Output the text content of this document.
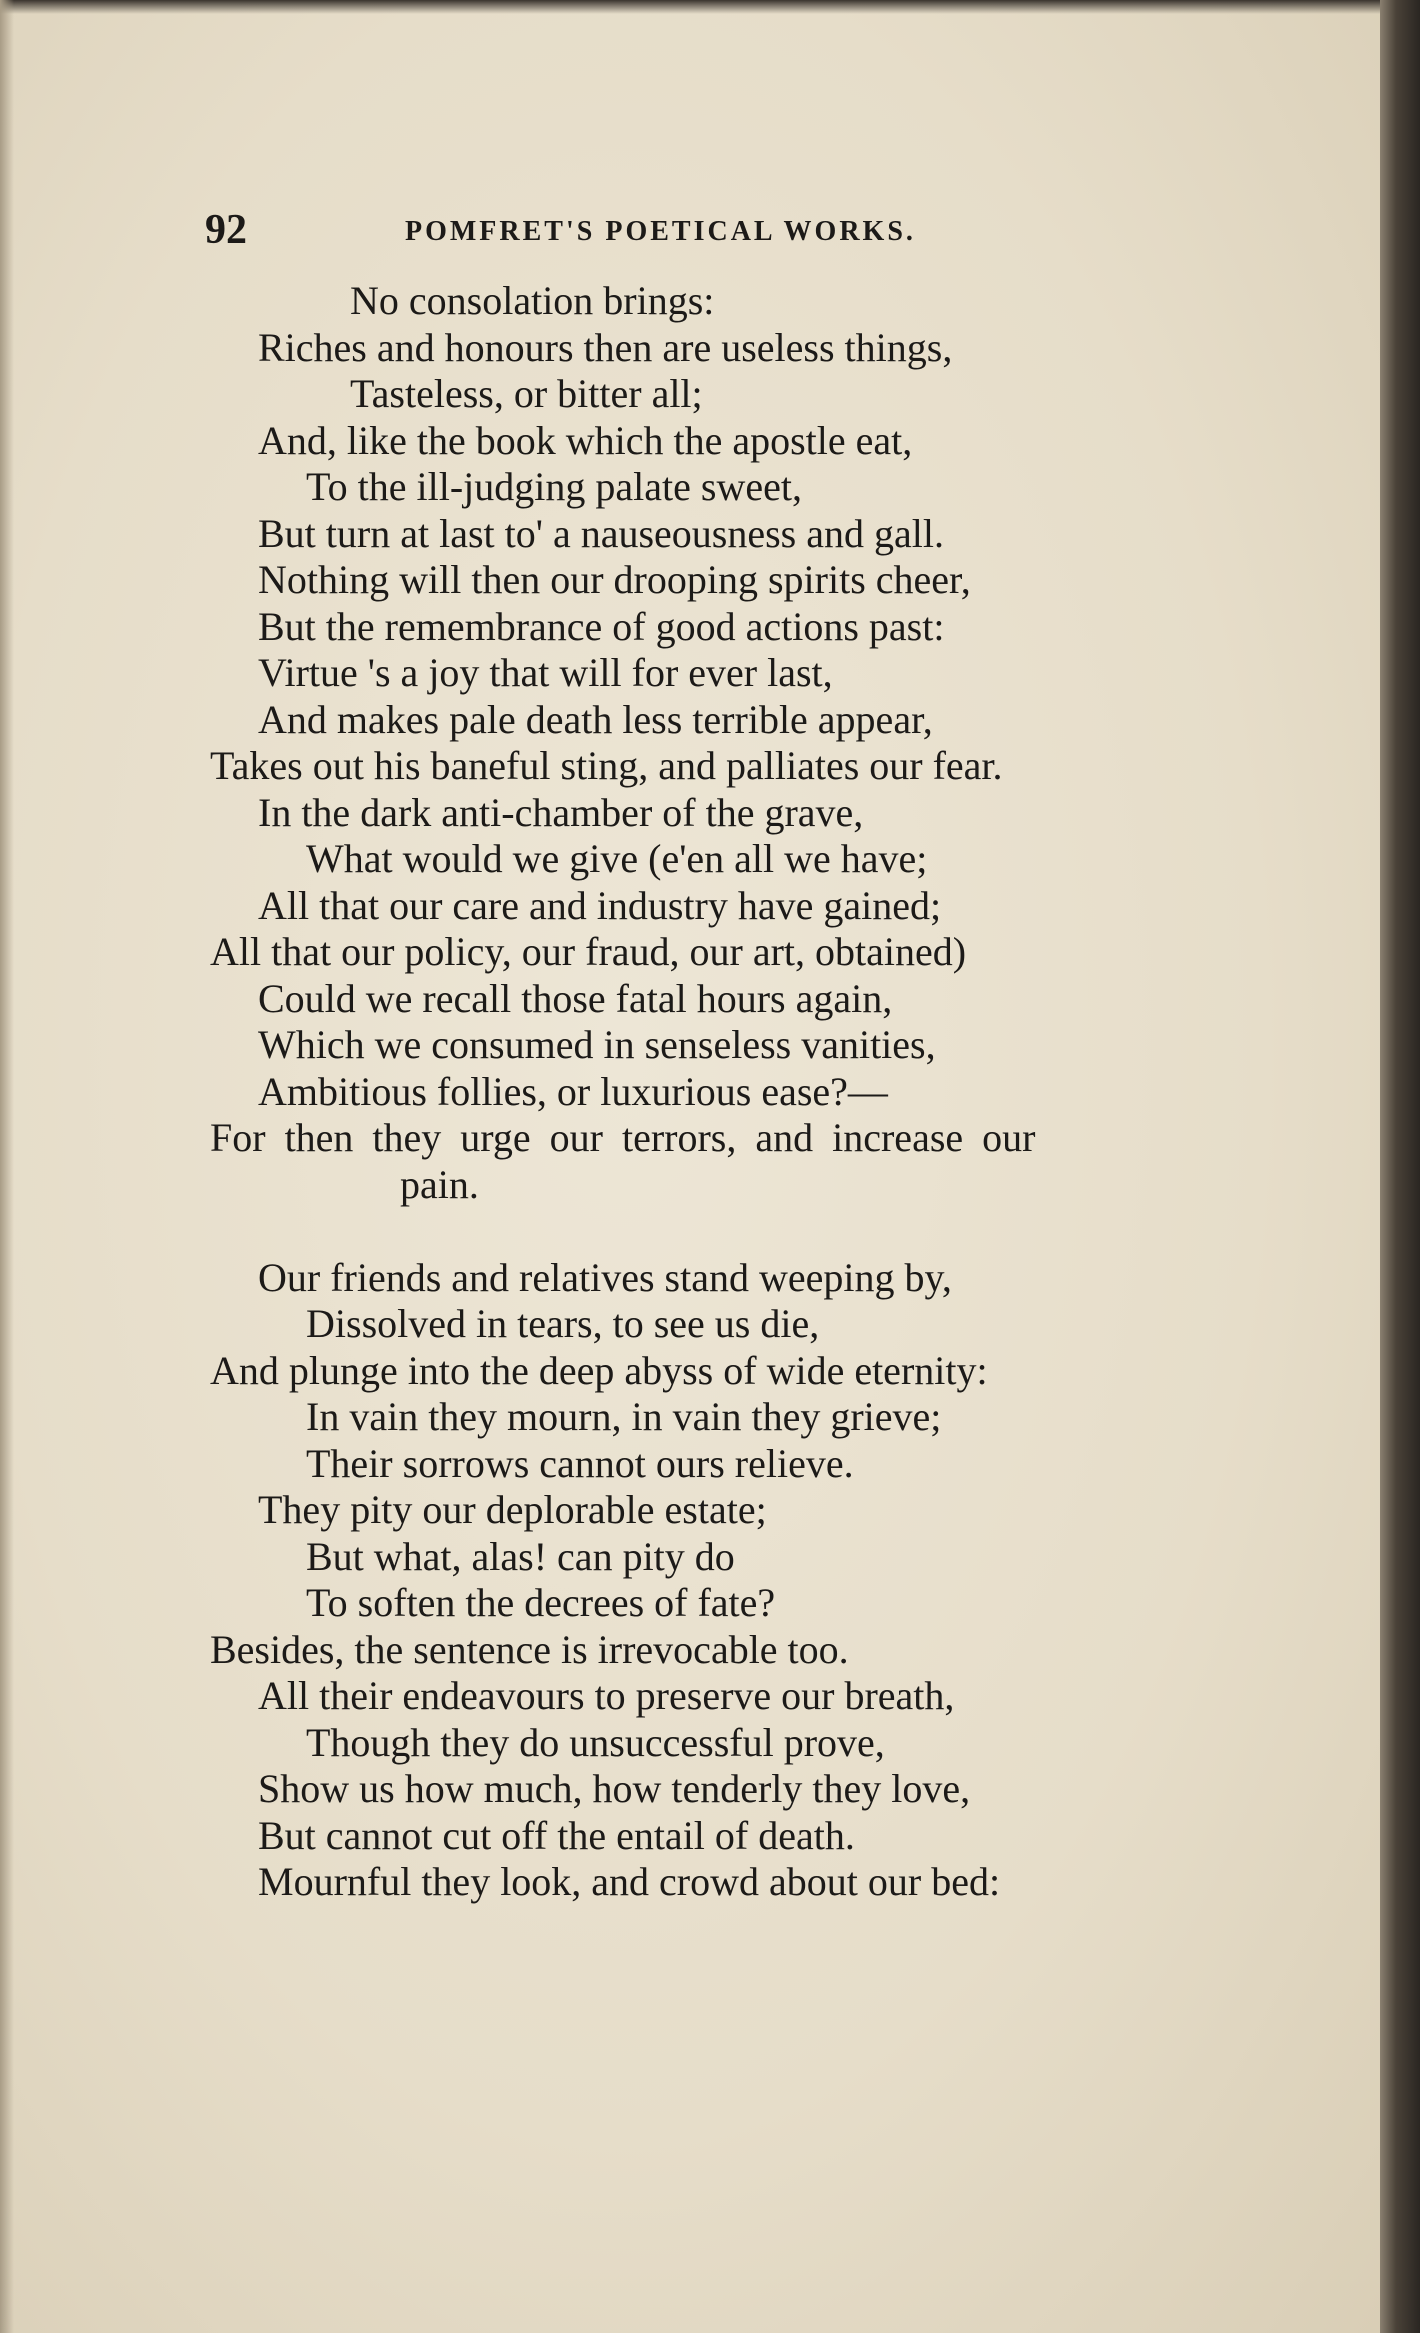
92	POMFRET'S POETICAL WORKS.
No consolation brings:
Riches and honours then are useless things,
Tasteless, or bitter all;
And, like the book which the apostle eat,
To the ill-judging palate sweet,
But turn at last to' a nauseousness and gall.
Nothing will then our drooping spirits cheer,
But the remembrance of good actions past:
Virtue 's a joy that will for ever last,
And makes pale death less terrible appear,
Takes out his baneful sting, and palliates our fear.
In the dark anti-chamber of the grave,
What would we give (e'en all we have;
All that our care and industry have gained;
All that our policy, our fraud, our art, obtained)
Could we recall those fatal hours again,
Which we consumed in senseless vanities,
Ambitious follies, or luxurious ease?—
For then they urge our terrors, and increase our
pain.
Our friends and relatives stand weeping by,
Dissolved in tears, to see us die,
And plunge into the deep abyss of wide eternity:
In vain they mourn, in vain they grieve;
Their sorrows cannot ours relieve.
They pity our deplorable estate;
But what, alas! can pity do
To soften the decrees of fate?
Besides, the sentence is irrevocable too.
All their endeavours to preserve our breath,
Though they do unsuccessful prove,
Show us how much, how tenderly they love,
But cannot cut off the entail of death.
Mournful they look, and crowd about our bed:
